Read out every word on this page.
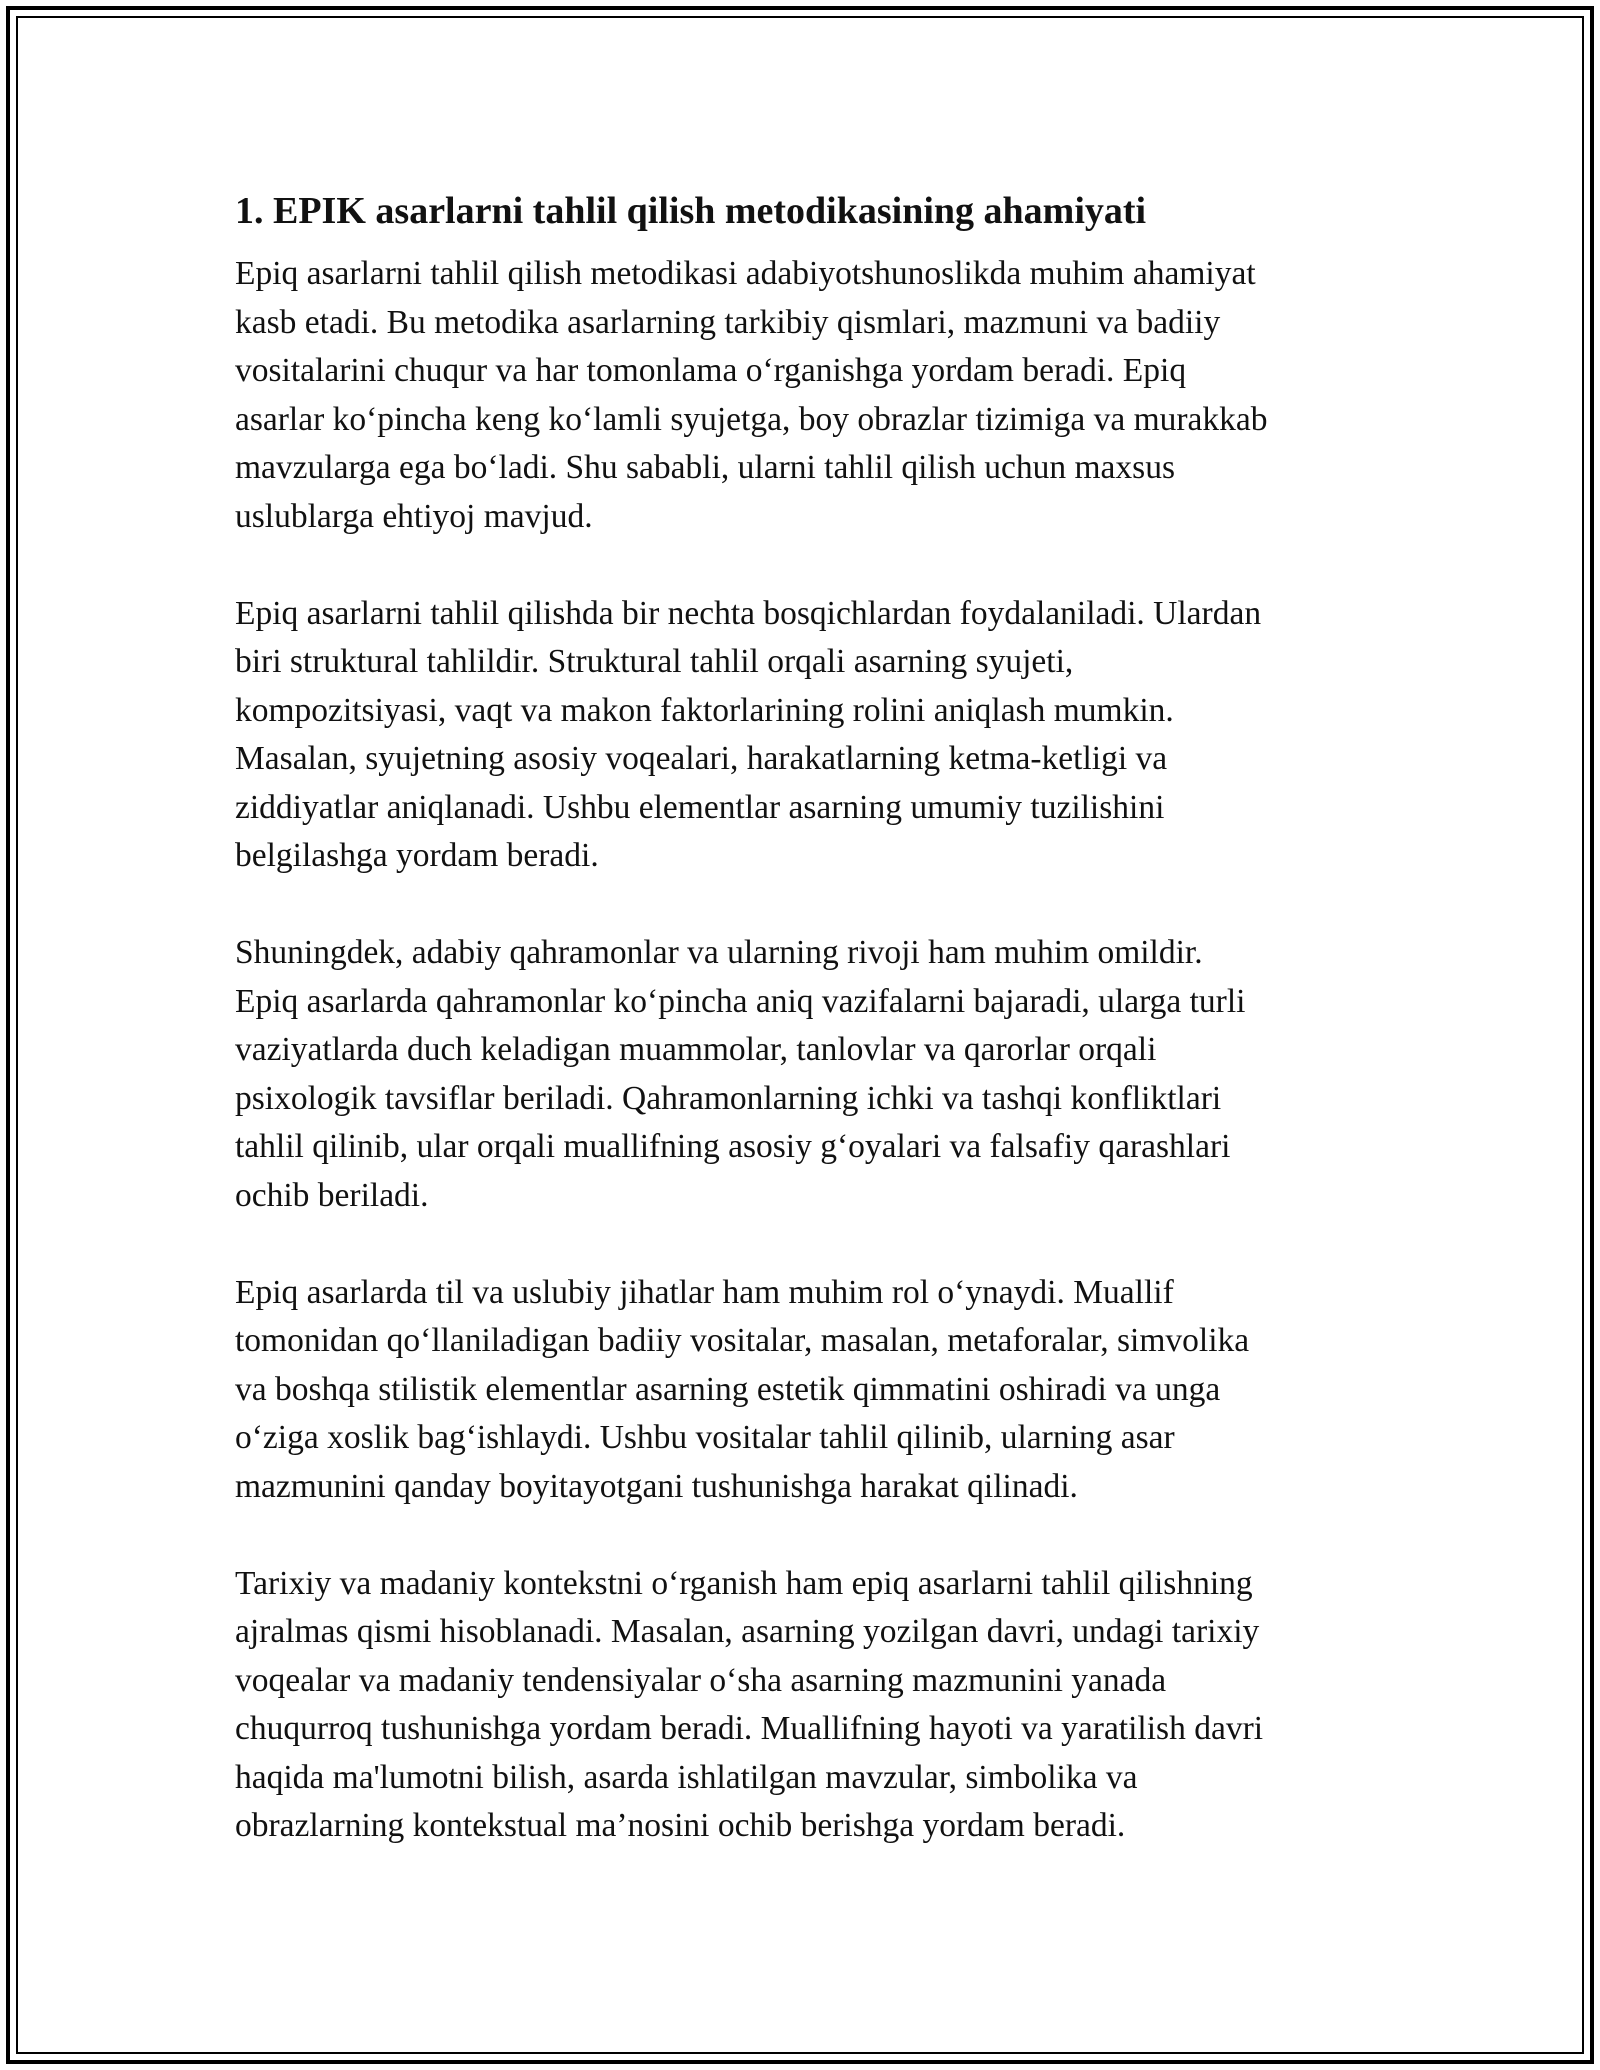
1. EPIK asarlarni tahlil qilish metodikasining ahamiyati

Epiq asarlarni tahlil qilish metodikasi adabiyotshunoslikda muhim ahamiyat
kasb etadi. Bu metodika asarlarning tarkibiy qismlari, mazmuni va badiiy
vositalarini chuqur va har tomonlama o‘rganishga yordam beradi. Epiq
asarlar ko‘pincha keng ko‘lamli syujetga, boy obrazlar tizimiga va murakkab
mavzularga ega bo‘ladi. Shu sababli, ularni tahlil qilish uchun maxsus
uslublarga ehtiyoj mavjud.

Epiq asarlarni tahlil qilishda bir nechta bosqichlardan foydalaniladi. Ulardan
biri struktural tahlildir. Struktural tahlil orqali asarning syujeti,
kompozitsiyasi, vaqt va makon faktorlarining rolini aniqlash mumkin.
Masalan, syujetning asosiy voqealari, harakatlarning ketma-ketligi va
ziddiyatlar aniqlanadi. Ushbu elementlar asarning umumiy tuzilishini
belgilashga yordam beradi.

Shuningdek, adabiy qahramonlar va ularning rivoji ham muhim omildir.
Epiq asarlarda qahramonlar ko‘pincha aniq vazifalarni bajaradi, ularga turli
vaziyatlarda duch keladigan muammolar, tanlovlar va qarorlar orqali
psixologik tavsiflar beriladi. Qahramonlarning ichki va tashqi konfliktlari
tahlil qilinib, ular orqali muallifning asosiy g‘oyalari va falsafiy qarashlari
ochib beriladi.

Epiq asarlarda til va uslubiy jihatlar ham muhim rol o‘ynaydi. Muallif
tomonidan qo‘llaniladigan badiiy vositalar, masalan, metaforalar, simvolika
va boshqa stilistik elementlar asarning estetik qimmatini oshiradi va unga
o‘ziga xoslik bag‘ishlaydi. Ushbu vositalar tahlil qilinib, ularning asar
mazmunini qanday boyitayotgani tushunishga harakat qilinadi.

Tarixiy va madaniy kontekstni o‘rganish ham epiq asarlarni tahlil qilishning
ajralmas qismi hisoblanadi. Masalan, asarning yozilgan davri, undagi tarixiy
voqealar va madaniy tendensiyalar o‘sha asarning mazmunini yanada
chuqurroq tushunishga yordam beradi. Muallifning hayoti va yaratilish davri
haqida ma'lumotni bilish, asarda ishlatilgan mavzular, simbolika va
obrazlarning kontekstual ma’nosini ochib berishga yordam beradi.
